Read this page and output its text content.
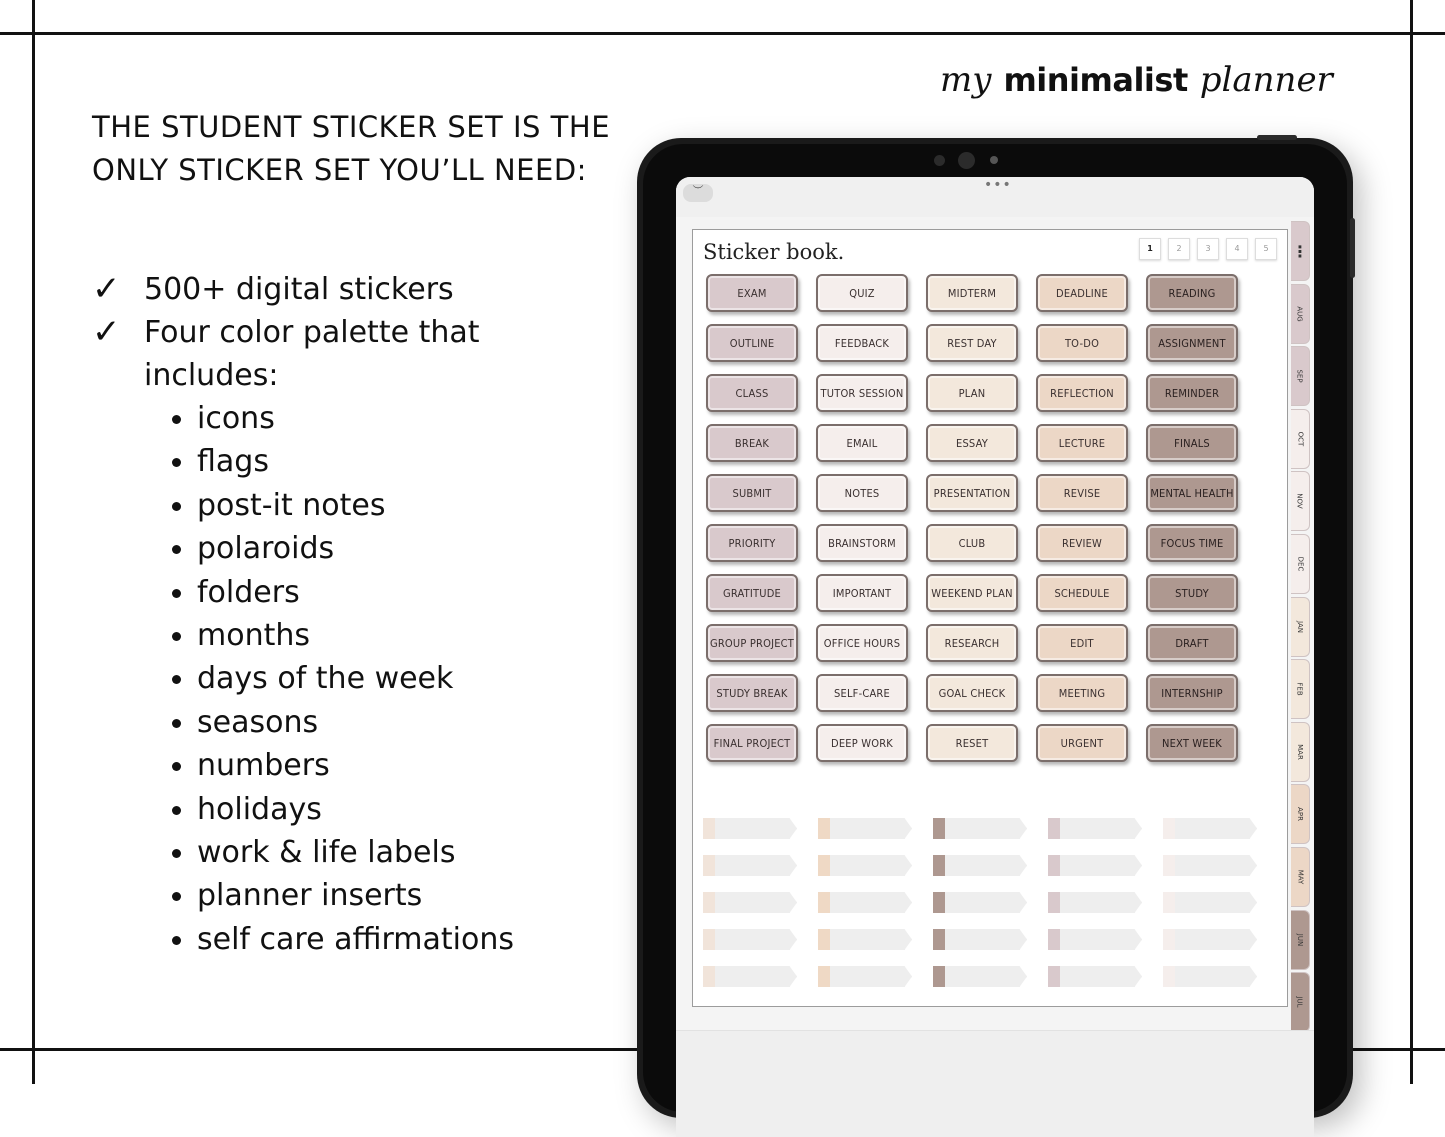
THE STUDENT STICKER SET IS THE ONLY STICKER SET YOU’LL NEED:
✓ 500+ digital stickers
✓ Four color palette that includes:
icons
flags
post-it notes
polaroids
folders
months
days of the week
seasons
numbers
holidays
work & life labels
planner inserts
self care affirmations
my minimalist planner
︶	•••
Sticker book.	1	2	3	4	5
EXAM	QUIZ	MIDTERM	DEADLINE	READING
OUTLINE	FEEDBACK	REST DAY	TO-DO	ASSIGNMENT
CLASS	TUTOR SESSION	PLAN	REFLECTION	REMINDER
BREAK	EMAIL	ESSAY	LECTURE	FINALS
SUBMIT	NOTES	PRESENTATION	REVISE	MENTAL HEALTH
PRIORITY	BRAINSTORM	CLUB	REVIEW	FOCUS TIME
GRATITUDE	IMPORTANT	WEEKEND PLAN	SCHEDULE	STUDY
GROUP PROJECT	OFFICE HOURS	RESEARCH	EDIT	DRAFT
STUDY BREAK	SELF-CARE	GOAL CHECK	MEETING	INTERNSHIP
FINAL PROJECT	DEEP WORK	RESET	URGENT	NEXT WEEK
⋮
AUG
SEP
OCT
NOV
DEC
JAN
FEB
MAR
APR
MAY
JUN
JUL
